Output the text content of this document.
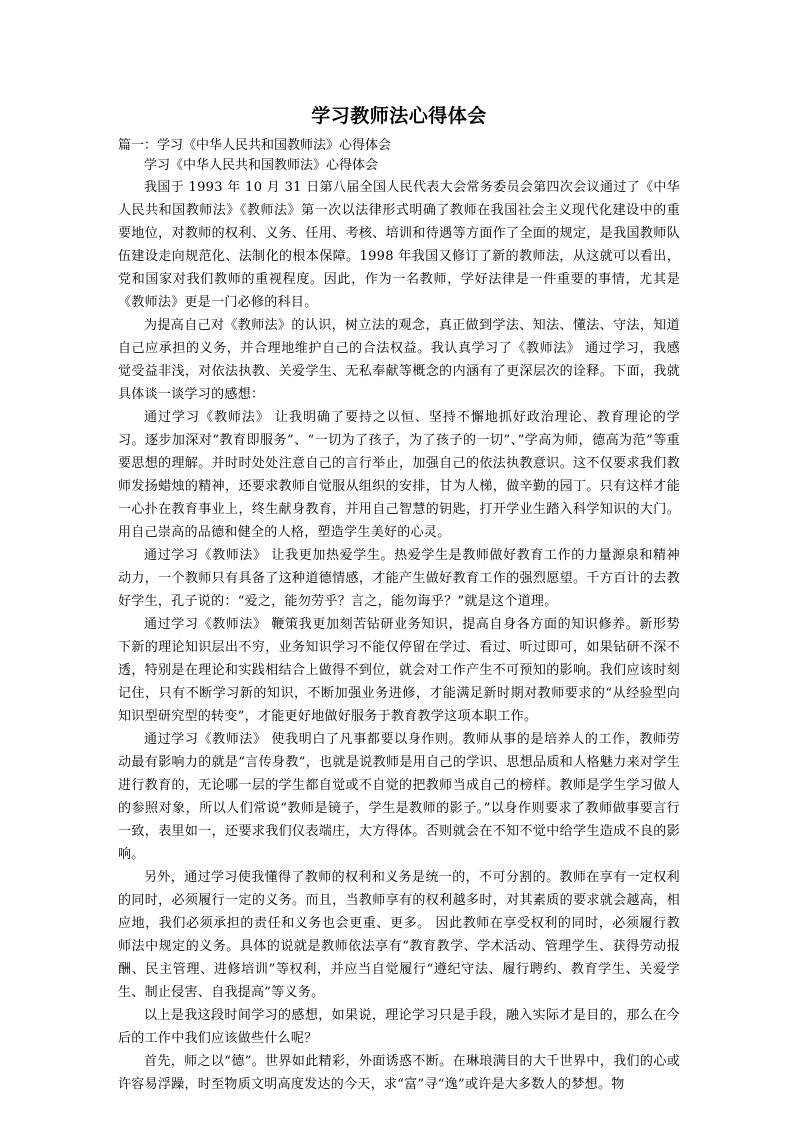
学习教师法心得体会

篇一：学习《中华人民共和国教师法》心得体会

学习《中华人民共和国教师法》心得体会

我国于 1993 年 10 月 31 日第八届全国人民代表大会常务委员会第四次会议通过了《中华人民共和国教师法》《教师法》第一次以法律形式明确了教师在我国社会主义现代化建设中的重要地位，对教师的权利、义务、任用、考核、培训和待遇等方面作了全面的规定，是我国教师队伍建设走向规范化、法制化的根本保障。1998 年我国又修订了新的教师法，从这就可以看出，党和国家对我们教师的重视程度。因此，作为一名教师，学好法律是一件重要的事情，尤其是《教师法》更是一门必修的科目。

为提高自己对《教师法》的认识，树立法的观念，真正做到学法、知法、懂法、守法，知道自己应承担的义务，并合理地维护自己的合法权益。我认真学习了《教师法》 通过学习，我感觉受益非浅，对依法执教、关爱学生、无私奉献等概念的内涵有了更深层次的诠释。下面，我就具体谈一谈学习的感想：

通过学习《教师法》 让我明确了要持之以恒、坚持不懈地抓好政治理论、教育理论的学习。逐步加深对“教育即服务”、“一切为了孩子，为了孩子的一切”、”学高为师，德高为范”等重要思想的理解。并时时处处注意自己的言行举止，加强自己的依法执教意识。这不仅要求我们教师发扬蜡烛的精神，还要求教师自觉服从组织的安排，甘为人梯，做辛勤的园丁。只有这样才能一心扑在教育事业上，终生献身教育，并用自己智慧的钥匙，打开学业生踏入科学知识的大门。用自己崇高的品德和健全的人格，塑造学生美好的心灵。

通过学习《教师法》 让我更加热爱学生。热爱学生是教师做好教育工作的力量源泉和精神动力，一个教师只有具备了这种道德情感，才能产生做好教育工作的强烈愿望。千方百计的去教好学生，孔子说的：“爱之，能勿劳乎？言之，能勿诲乎？”就是这个道理。

通过学习《教师法》 鞭策我更加刻苦钻研业务知识，提高自身各方面的知识修养。新形势下新的理论知识层出不穷，业务知识学习不能仅停留在学过、看过、听过即可，如果钻研不深不透，特别是在理论和实践相结合上做得不到位，就会对工作产生不可预知的影响。我们应该时刻记住，只有不断学习新的知识，不断加强业务进修，才能满足新时期对教师要求的“从经验型向知识型研究型的转变”，才能更好地做好服务于教育教学这项本职工作。

通过学习《教师法》 使我明白了凡事都要以身作则。教师从事的是培养人的工作，教师劳动最有影响力的就是“言传身教”，也就是说教师是用自己的学识、思想品质和人格魅力来对学生进行教育的，无论哪一层的学生都自觉或不自觉的把教师当成自己的榜样。教师是学生学习做人的参照对象，所以人们常说“教师是镜子，学生是教师的影子。”以身作则要求了教师做事要言行一致，表里如一，还要求我们仪表端庄，大方得体。否则就会在不知不觉中给学生造成不良的影响。

另外，通过学习使我懂得了教师的权利和义务是统一的，不可分割的。教师在享有一定权利的同时，必须履行一定的义务。而且，当教师享有的权利越多时，对其素质的要求就会越高，相应地，我们必须承担的责任和义务也会更重、更多。 因此教师在享受权利的同时，必须履行教师法中规定的义务。具体的说就是教师依法享有“教育教学、学术活动、管理学生、获得劳动报酬、民主管理、进修培训”等权利，并应当自觉履行“遵纪守法、履行聘约、教育学生、关爱学生、制止侵害、自我提高”等义务。

以上是我这段时间学习的感想，如果说，理论学习只是手段，融入实际才是目的，那么在今后的工作中我们应该做些什么呢？

首先，师之以“德”。世界如此精彩，外面诱惑不断。在琳琅满目的大千世界中，我们的心或许容易浮躁，时至物质文明高度发达的今天，求“富”寻“逸”或许是大多数人的梦想。物
